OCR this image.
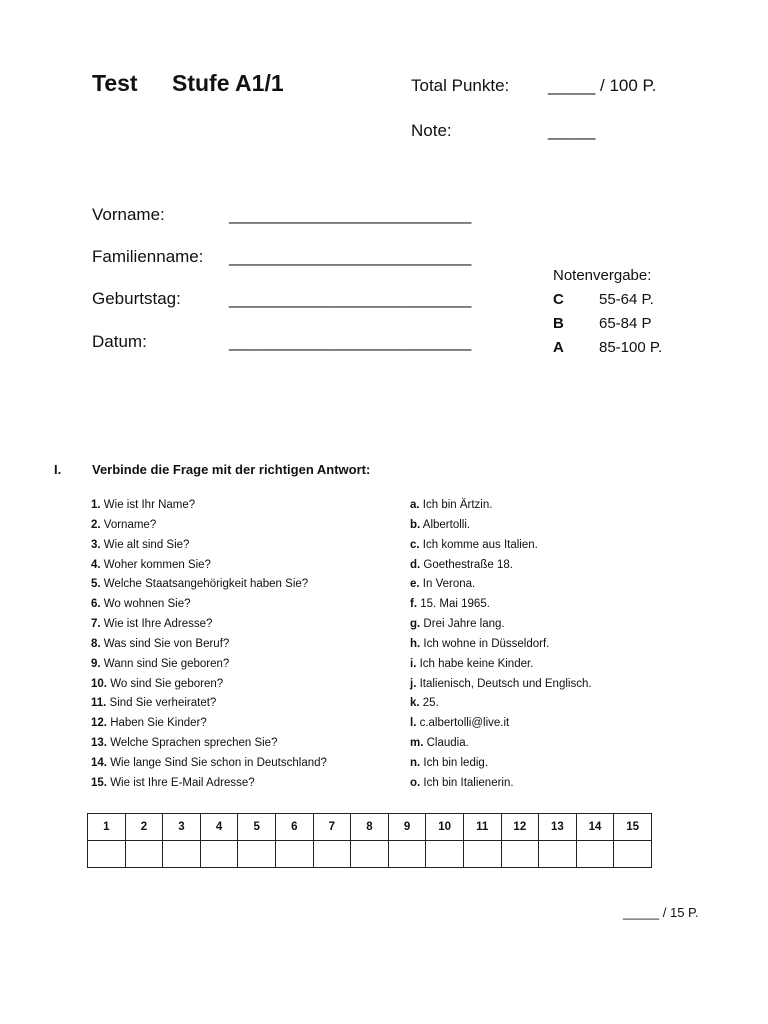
Test Stufe A1/1	Total Punkte: _____ / 100 P.
Note:	_____
Vorname:	___________________________
Familienname: ___________________________
Geburtstag:	___________________________
Datum:	___________________________
Notenvergabe:
C 55-64 P.
B 65-84 P
A 85-100 P.
I. Verbinde die Frage mit der richtigen Antwort:
1. Wie ist Ihr Name?
2. Vorname?
3. Wie alt sind Sie?
4. Woher kommen Sie?
5. Welche Staatsangehörigkeit haben Sie?
6. Wo wohnen Sie?
7. Wie ist Ihre Adresse?
8. Was sind Sie von Beruf?
9. Wann sind Sie geboren?
10. Wo sind Sie geboren?
11. Sind Sie verheiratet?
12. Haben Sie Kinder?
13. Welche Sprachen sprechen Sie?
14. Wie lange Sind Sie schon in Deutschland?
15. Wie ist Ihre E-Mail Adresse?
a. Ich bin Ärtzin.
b. Albertolli.
c. Ich komme aus Italien.
d. Goethestraße 18.
e. In Verona.
f. 15. Mai 1965.
g. Drei Jahre lang.
h. Ich wohne in Düsseldorf.
i. Ich habe keine Kinder.
j. Italienisch, Deutsch und Englisch.
k. 25.
l. c.albertolli@live.it
m. Claudia.
n. Ich bin ledig.
o. Ich bin Italienerin.
1	2	3	4	5	6	7	8	9	10	11	12	13	14	15

_____ / 15 P.
